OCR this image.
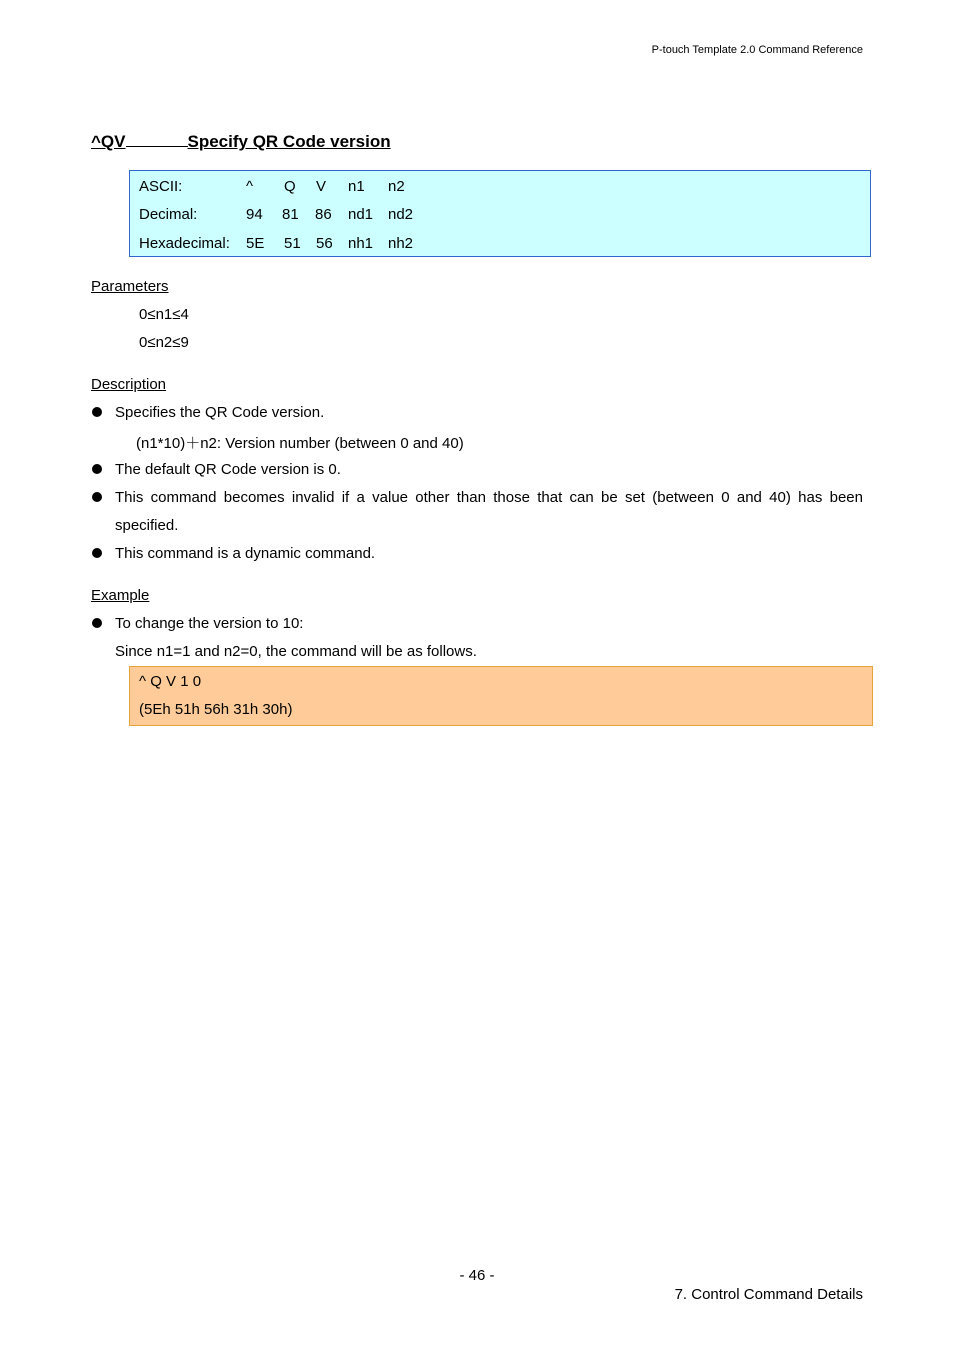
P-touch Template 2.0 Command Reference
^QV	Specify QR Code version
ASCII:	^ Q V n1 n2
Decimal:	94 81 86 nd1 nd2
Hexadecimal: 5E 51 56 nh1 nh2
Parameters
0≤n1≤4
0≤n2≤9
Description
Specifies the QR Code version.
(n1*10)＋n2: Version number (between 0 and 40)
The default QR Code version is 0.
This command becomes invalid if a value other than those that can be set (between 0 and 40) has been
specified.
This command is a dynamic command.
Example
To change the version to 10:
Since n1=1 and n2=0, the command will be as follows.
^ Q V 1 0
(5Eh 51h 56h 31h 30h)
- 46 -
7. Control Command Details
